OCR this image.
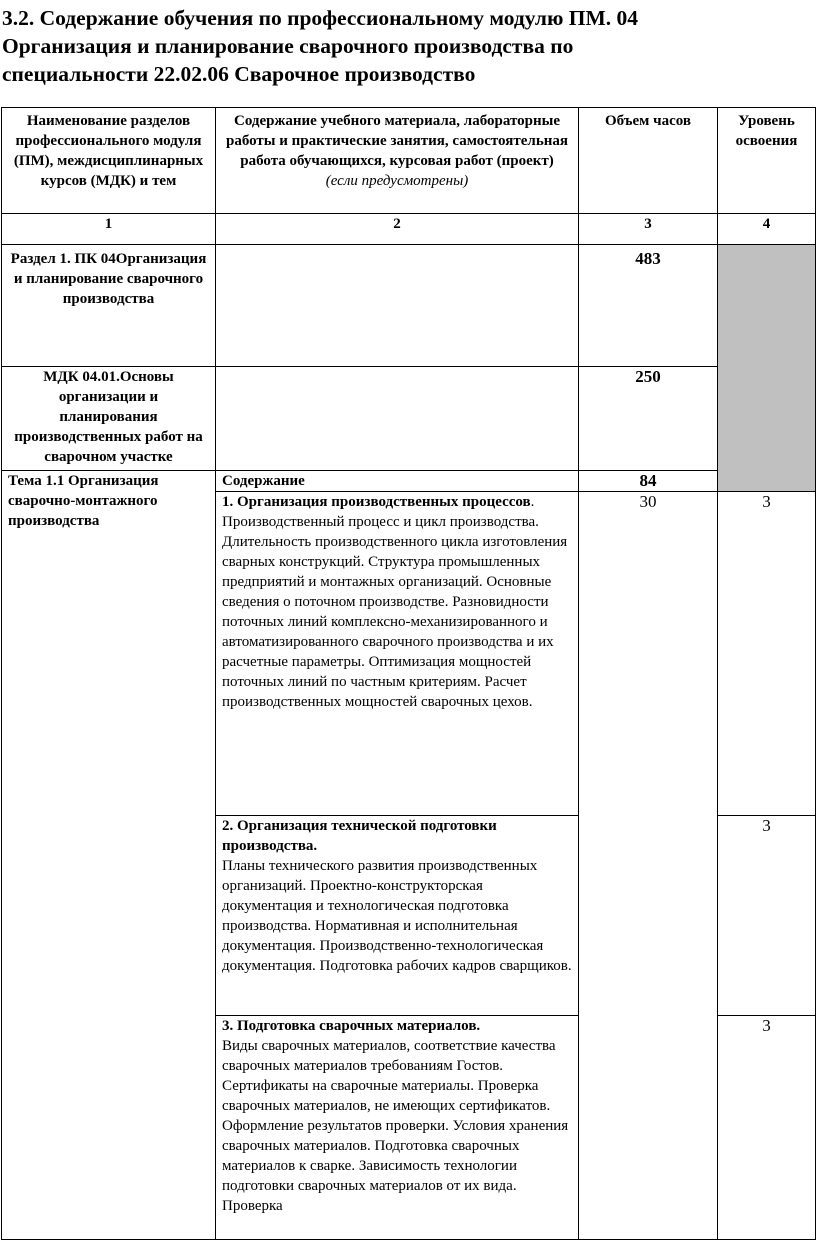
3.2. Содержание обучения по профессиональному модулю ПМ. 04
Организация и планирование сварочного производства по
специальности 22.02.06 Сварочное производство
Наименование разделов профессионального модуля (ПМ), междисциплинарных курсов (МДК) и тем	Содержание учебного материала, лабораторные работы и практические занятия, самостоятельная работа обучающихся, курсовая работ (проект)
(если предусмотрены)	Объем часов	Уровень освоения
1	2	3	4
Раздел 1. ПК 04Организация и планирование сварочного производства		483	
МДК 04.01.Основы организации и планирования производственных работ на сварочном участке		250	
Тема 1.1 Организация сварочно-монтажного производства	Содержание	84	
	1. Организация производственных процессов.
Производственный процесс и цикл производства. Длительность производственного цикла изготовления сварных конструкций. Структура промышленных предприятий и монтажных организаций. Основные сведения о поточном производстве. Разновидности поточных линий комплексно-механизированного и автоматизированного сварочного производства и их расчетные параметры. Оптимизация мощностей поточных линий по частным критериям. Расчет производственных мощностей сварочных цехов.	30	3
	2. Организация технической подготовки производства.
Планы технического развития производственных организаций. Проектно-конструкторская документация и технологическая подготовка производства. Нормативная и исполнительная документация. Производственно-технологическая документация. Подготовка рабочих кадров сварщиков.		3
	3. Подготовка сварочных материалов.
Виды сварочных материалов, соответствие качества сварочных материалов требованиям Гостов. Сертификаты на сварочные материалы. Проверка сварочных материалов, не имеющих сертификатов. Оформление результатов проверки. Условия хранения сварочных материалов. Подготовка сварочных материалов к сварке. Зависимость технологии подготовки сварочных материалов от их вида. Проверка		3
